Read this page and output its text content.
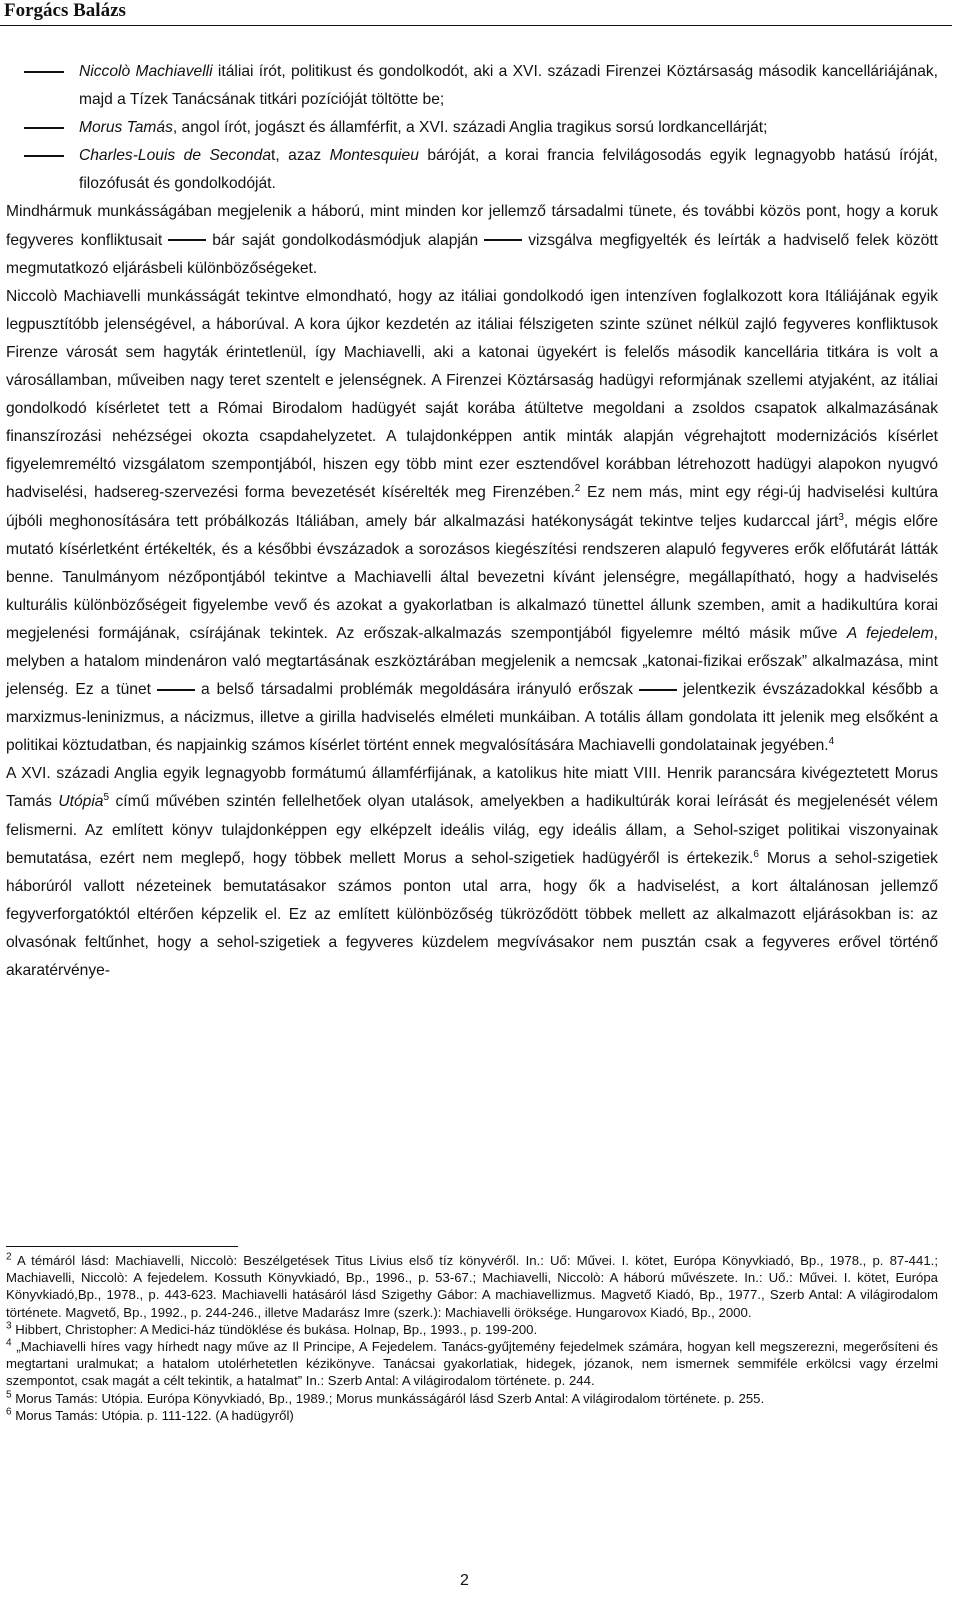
Forgács Balázs
Niccolò Machiavelli itáliai írót, politikust és gondolkodót, aki a XVI. századi Firenzei Köztársaság második kancelláriájának, majd a Tízek Tanácsának titkári pozícióját töltötte be;
Morus Tamás, angol írót, jogászt és államférfit, a XVI. századi Anglia tragikus sorsú lordkancellárját;
Charles-Louis de Secondat, azaz Montesquieu báróját, a korai francia felvilágosodás egyik legnagyobb hatású íróját, filozófusát és gondolkodóját.

Mindhármuk munkásságában megjelenik a háború, mint minden kor jellemző társadalmi tünete, és további közös pont, hogy a koruk fegyveres konfliktusait	bár saját gondolkodásmódjuk alapján	vizsgálva megfigyelték és leírták a hadviselő felek között megmutatkozó eljárásbeli különbözőségeket.

Niccolò Machiavelli munkásságát tekintve elmondható, hogy az itáliai gondolkodó igen intenzíven foglalkozott kora Itáliájának egyik legpusztítóbb jelenségével, a háborúval. A kora újkor kezdetén az itáliai félszigeten szinte szünet nélkül zajló fegyveres konfliktusok Firenze városát sem hagyták érintetlenül, így Machiavelli, aki a katonai ügyekért is felelős második kancellária titkára is volt a városállamban, műveiben nagy teret szentelt e jelenségnek. A Firenzei Köztársaság hadügyi reformjának szellemi atyjaként, az itáliai gondolkodó kísérletet tett a Római Birodalom hadügyét saját korába átültetve megoldani a zsoldos csapatok alkalmazásának finanszírozási nehézségei okozta csapdahelyzetet. A tulajdonképpen antik minták alapján végrehajtott modernizációs kísérlet figyelemreméltó vizsgálatom szempontjából, hiszen egy több mint ezer esztendővel korábban létrehozott hadügyi alapokon nyugvó hadviselési, hadsereg-szervezési forma bevezetését kísérelték meg Firenzében.$^2$ Ez nem más, mint egy régi-új hadviselési kultúra újbóli meghonosítására tett próbálkozás Itáliában, amely bár alkalmazási hatékonyságát tekintve teljes kudarccal járt$^3$, mégis előre mutató kísérletként értékelték, és a későbbi évszázadok a sorozásos kiegészítési rendszeren alapuló fegyveres erők előfutárát látták benne. Tanulmányom nézőpontjából tekintve a Machiavelli által bevezetni kívánt jelenségre, megállapítható, hogy a hadviselés kulturális különbözőségeit figyelembe vevő és azokat a gyakorlatban is alkalmazó tünettel állunk szemben, amit a hadikultúra korai megjelenési formájának, csírájának tekintek. Az erőszak-alkalmazás szempontjából figyelemre méltó másik műve A fejedelem, melyben a hatalom mindenáron való megtartásának eszköztárában megjelenik a nemcsak „katonai-fizikai erőszak” alkalmazása, mint jelenség. Ez a tünet	a belső társadalmi problémák megoldására irányuló erőszak	jelentkezik évszázadokkal később a marxizmus-leninizmus, a nácizmus, illetve a girilla hadviselés elméleti munkáiban. A totális állam gondolata itt jelenik meg elsőként a politikai köztudatban, és napjainkig számos kísérlet történt ennek megvalósítására Machiavelli gondolatainak jegyében.$^4$

A XVI. századi Anglia egyik legnagyobb formátumú államférfijának, a katolikus hite miatt VIII. Henrik parancsára kivégeztetett Morus Tamás Utópia$^5$ című művében szintén fellelhetőek olyan utalások, amelyekben a hadikultúrák korai leírását és megjelenését vélem felismerni. Az említett könyv tulajdonképpen egy elképzelt ideális világ, egy ideális állam, a Sehol-sziget politikai viszonyainak bemutatása, ezért nem meglepő, hogy többek mellett Morus a sehol-szigetiek hadügyéről is értekezik.$^6$ Morus a sehol-szigetiek háborúról vallott nézeteinek bemutatásakor számos ponton utal arra, hogy ők a hadviselést, a kort általánosan jellemző fegyverforgatóktól eltérően képzelik el. Ez az említett különbözőség tükröződött többek mellett az alkalmazott eljárásokban is: az olvasónak feltűnhet, hogy a sehol-szigetiek a fegyveres küzdelem megvívásakor nem pusztán csak a fegyveres erővel történő akaratérvénye-

$^2$ A témáról lásd: Machiavelli, Niccolò: Beszélgetések Titus Livius első tíz könyvéről. In.: Uő: Művei. I. kötet, Európa Könyvkiadó, Bp., 1978., p. 87-441.; Machiavelli, Niccolò: A fejedelem. Kossuth Könyvkiadó, Bp., 1996., p. 53-67.; Machiavelli, Niccolò: A háború művészete. In.: Uő.: Művei. I. kötet, Európa Könyvkiadó,Bp., 1978., p. 443-623. Machiavelli hatásáról lásd Szigethy Gábor: A machiavellizmus. Magvető Kiadó, Bp., 1977., Szerb Antal: A világirodalom története. Magvető, Bp., 1992., p. 244-246., illetve Madarász Imre (szerk.): Machiavelli öröksége. Hungarovox Kiadó, Bp., 2000.

$^3$ Hibbert, Christopher: A Medici-ház tündöklése és bukása. Holnap, Bp., 1993., p. 199-200.

$^4$ „Machiavelli híres vagy hírhedt nagy műve az Il Principe, A Fejedelem. Tanács-gyűjtemény fejedelmek számára, hogyan kell megszerezni, megerősíteni és megtartani uralmukat; a hatalom utolérhetetlen kézikönyve. Tanácsai gyakorlatiak, hidegek, józanok, nem ismernek semmiféle erkölcsi vagy érzelmi szempontot, csak magát a célt tekintik, a hatalmat” In.: Szerb Antal: A világirodalom története. p. 244.

$^5$ Morus Tamás: Utópia. Európa Könyvkiadó, Bp., 1989.; Morus munkásságáról lásd Szerb Antal: A világirodalom története. p. 255.

$^6$ Morus Tamás: Utópia. p. 111-122. (A hadügyről)

2
